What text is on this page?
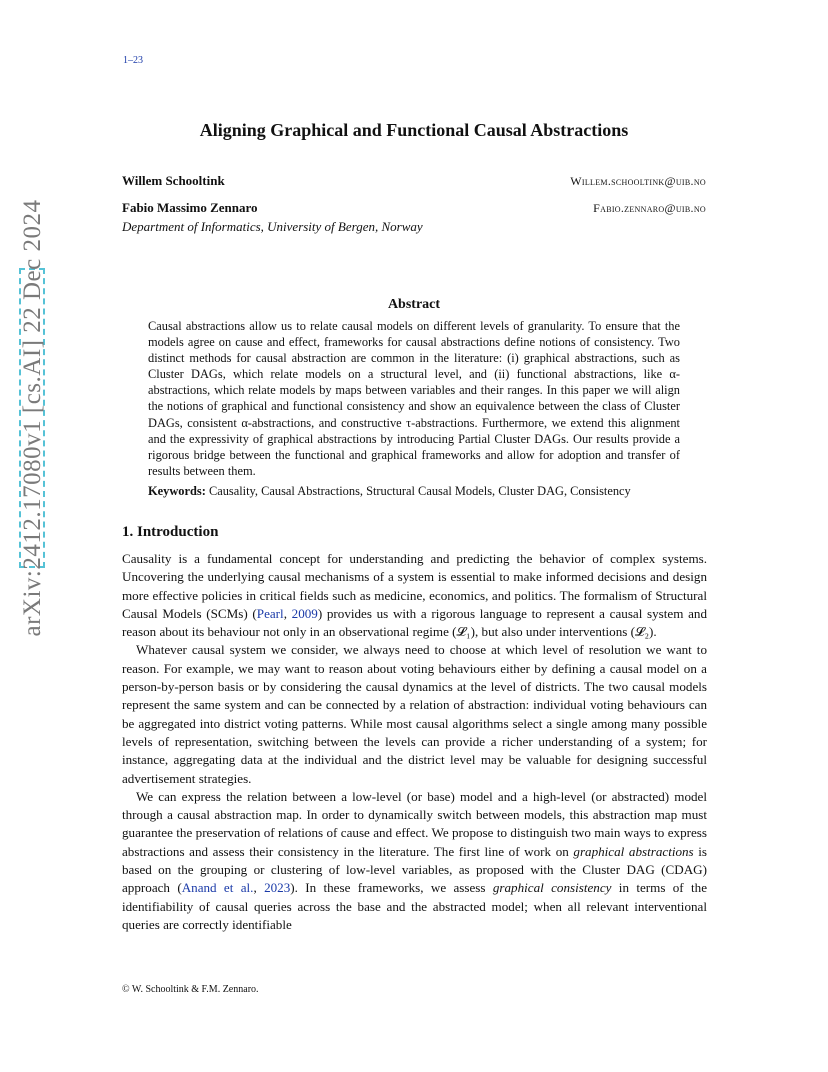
1–23
Aligning Graphical and Functional Causal Abstractions
Willem Schooltink	Willem.schooltink@uib.no
Fabio Massimo Zennaro	Fabio.zennaro@uib.no
Department of Informatics, University of Bergen, Norway
arXiv:2412.17080v1 [cs.AI] 22 Dec 2024	Abstract
Causal abstractions allow us to relate causal models on different levels of granularity. To ensure that the models agree on cause and effect, frameworks for causal abstractions define notions of consistency. Two distinct methods for causal abstraction are common in the literature: (i) graphical abstractions, such as Cluster DAGs, which relate models on a structural level, and (ii) functional abstractions, like α-abstractions, which relate models by maps between variables and their ranges. In this paper we will align the notions of graphical and functional consistency and show an equivalence between the class of Cluster DAGs, consistent α-abstractions, and constructive τ-abstractions. Furthermore, we extend this alignment and the expressivity of graphical abstractions by introducing Partial Cluster DAGs. Our results provide a rigorous bridge between the functional and graphical frameworks and allow for adoption and transfer of results between them.
Keywords: Causality, Causal Abstractions, Structural Causal Models, Cluster DAG, Consistency
1. Introduction

Causality is a fundamental concept for understanding and predicting the behavior of complex systems. Uncovering the underlying causal mechanisms of a system is essential to make informed decisions and design more effective policies in critical fields such as medicine, economics, and politics. The formalism of Structural Causal Models (SCMs) (Pearl, 2009) provides us with a rigorous language to represent a causal system and reason about its behaviour not only in an observational regime (𝓛₁), but also under interventions (𝓛₂).

Whatever causal system we consider, we always need to choose at which level of resolution we want to reason. For example, we may want to reason about voting behaviours either by defining a causal model on a person-by-person basis or by considering the causal dynamics at the level of districts. The two causal models represent the same system and can be connected by a relation of abstraction: individual voting behaviours can be aggregated into district voting patterns. While most causal algorithms select a single among many possible levels of representation, switching between the levels can provide a richer understanding of a system; for instance, aggregating data at the individual and the district level may be valuable for designing successful advertisement strategies.

We can express the relation between a low-level (or base) model and a high-level (or abstracted) model through a causal abstraction map. In order to dynamically switch between models, this abstraction map must guarantee the preservation of relations of cause and effect. We propose to distinguish two main ways to express abstractions and assess their consistency in the literature. The first line of work on graphical abstractions is based on the grouping or clustering of low-level variables, as proposed with the Cluster DAG (CDAG) approach (Anand et al., 2023). In these frameworks, we assess graphical consistency in terms of the identifiability of causal queries across the base and the abstracted model; when all relevant interventional queries are correctly identifiable

© W. Schooltink & F.M. Zennaro.
